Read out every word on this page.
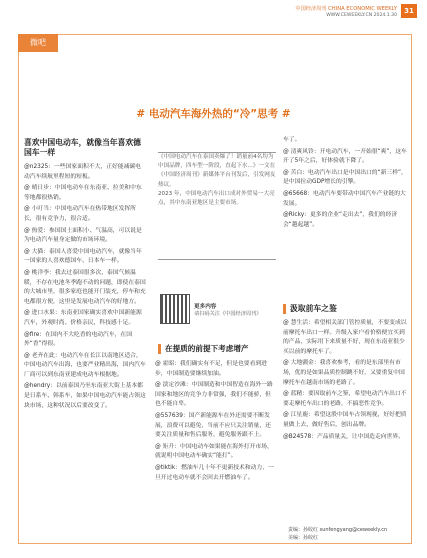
中国经济周刊 CHINA ECONOMIC WEEKLY
WWW.CEWEEKLY.CN 2024.1.30
31
微吧
# 电动汽车海外热的“冷”思考 #
喜欢中国电动车，就像当年喜欢德国车一样

@n2325：一些国家面积不大，正好能减碳电动汽车续航里程短的短板。

@ 晴日步：中国电动车在东南亚、拉美和中东等地都很热销。

@ 小叮当：中国电动汽车在热带地区发挥所长，很有竞争力，很合适。

@ 热爱：参国国土面积小、气温高，可以说是为电动汽车量身定做的市场环境。

@ 大猫：泰国人喜爱中国电动汽车，就像当年一国家的人喜欢德国车、日本车一样。

@ 桃洋李：我去过泰国很多次，泰国气候温暖，不存在电池冬季跑不动的问题，即使在泰国的大城市里，很多家庭也能开门装充，停车和充电都很方便，这里是发展电动汽车的好地方。

@ 进口水果：东南亚国家确实喜欢中国新能源汽车，外观时尚、价格亲民，科技感十足。

@fire：在国内不大吃香的电动汽车，在国外“香”得很。

@ 老齐在此：电动汽车在长江以南地区适合，中国电动汽车出海，也要严业精出海，国内汽车厂商可以到东南亚建成电动车根据地。

@hendry：以前泰国乃至东南亚大街上基本都是日系车、韩系车，如果中国电动汽车能占领这块市场，这种状况以后要改变了。

《中国电动汽车在泰国卖爆了！销量前4名均为中国品牌，四车型一阶段，直起下水...》一文在《中国经济周刊》新媒体平台刊发后，引发网友热议。

2023 年，中国电动汽车出口成对外贸易一大亮点，其中东南亚地区是主要市场。

更多内容
请扫码关注《中国经济周刊》
在提质的前提下考虑增产

@ 霍昭：我们确实有不足，但是也要看到进步，中国制造要继续加油。

@ 淡定沙滩：中国制造和中国智造在海外一路国家和地区的竞争力非常强，我们不能骄，但也不能自卑。

@557639：国产新能源车在外还需要不断发展，浪费可以避免，当前不应只关注销量，还要关注质量和售后服务，避免服务跟不上。

@ 矩升：中国电动车如果能在海外打开市场，就说明中国电动车确实“能打”。

@tiktik：燃油车几十年不更新技术和动力，一旦开过电动车就不会回去开燃油车了。

车了。

@ 清爽风铃：开电动汽车，一开始很“爽”，这车开了5年之后，好体验就下降了。

@ 苦白：电动汽车出口是中国出口的“新三样”，是中国拉动GDP增长的引擎。

@65668：电动汽车要带动中国汽车产业链的大发展。

@Ricky：更多的企业“走出去”，我们的经济会“越起越”。

汲取前车之鉴

@ 慧生活：希望相关部门管控质量，不要变成以前摩托车出口一样。升级入家户看价格便宜买到的产品，实际用下来质量不好，现在东南亚很少买以前的摩托车了。

@ 大地疆金：我喜欢参考，看的是东部里有市场，优的是如果品质控制跳不好，又要重复中国摩托车在越南市场的老路了。

@ 蓝精：要因取前车之鉴，希望电动汽车出口不要走摩托车出口的老路，不搞恶性竞争。

@ 江星鹿：希望这股中国车占领现视，好好把质量做上去，做好售后，创出品牌。

@B24578：产品质量关，让中国造走向世界。

责编：孙皎红 sunfengyang@ceweekly.cn
美编：孙皎红
